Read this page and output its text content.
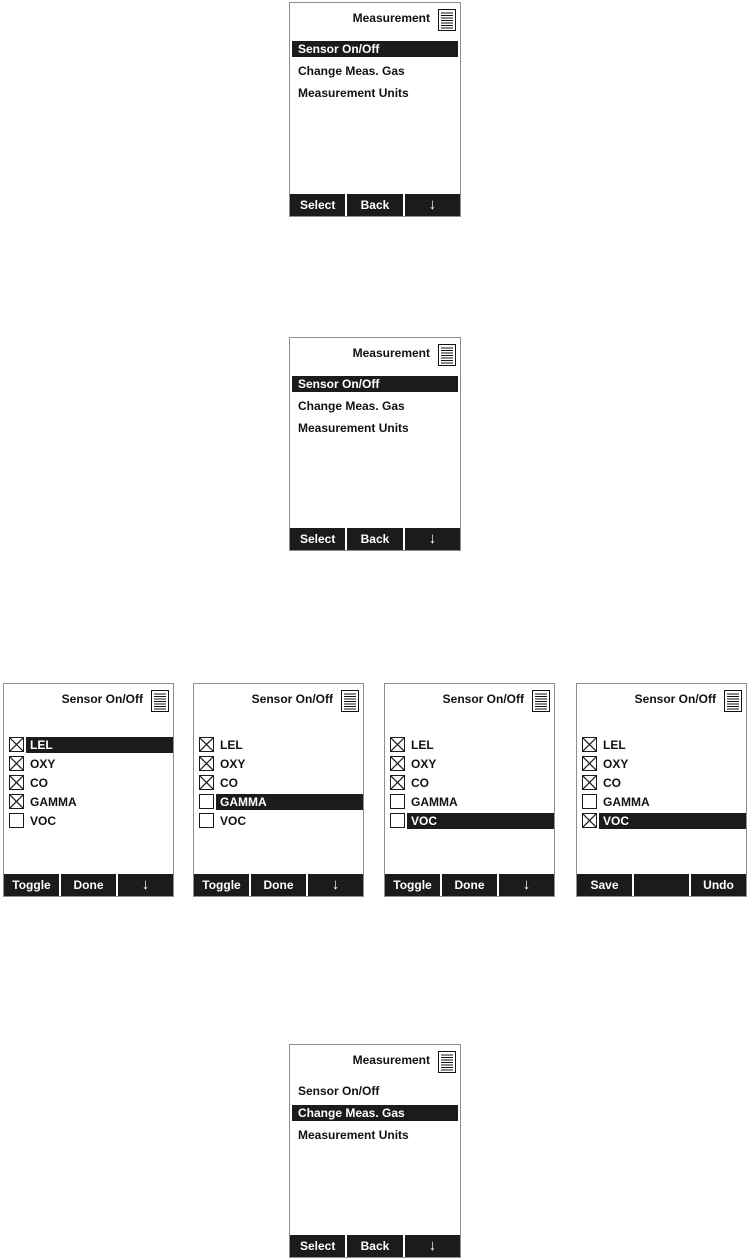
Measurement
Sensor On/Off
Change Meas. Gas
Measurement Units
Select	Back	↓
Measurement
Sensor On/Off
Change Meas. Gas
Measurement Units
Select	Back	↓
Sensor On/Off
LEL
OXY
CO
GAMMA
VOC
Toggle	Done	↓
Sensor On/Off
LEL
OXY
CO
GAMMA
VOC
Toggle	Done	↓
Sensor On/Off
LEL
OXY
CO
GAMMA
VOC
Toggle	Done	↓
Sensor On/Off
LEL
OXY
CO
GAMMA
VOC
Save	Undo
Measurement
Sensor On/Off
Change Meas. Gas
Measurement Units
Select	Back	↓
